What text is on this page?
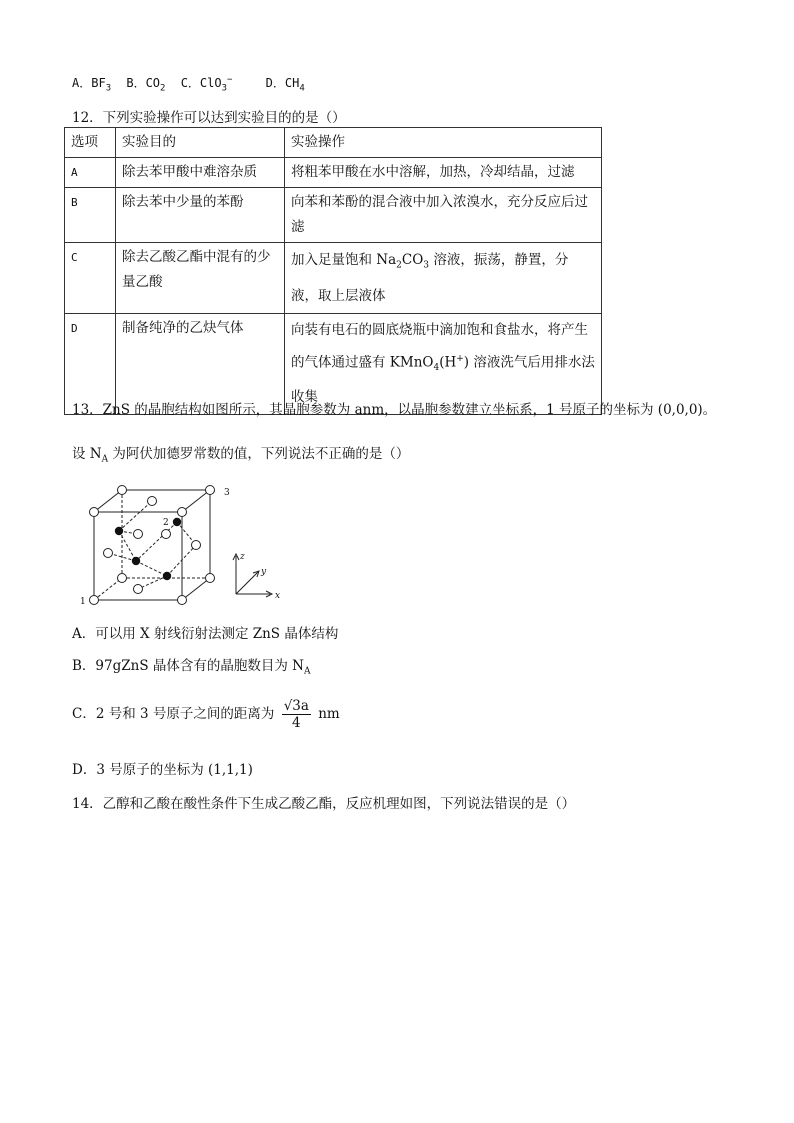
A．$BF_3$ B．$CO_2$ C．ClO$_3$−	D．$CH_4$
12．下列实验操作可以达到实验目的的是（）
选项	实验目的	实验操作
A	除去苯甲酸中难溶杂质	将粗苯甲酸在水中溶解，加热，冷却结晶，过滤
B	除去苯中少量的苯酚	向苯和苯酚的混合液中加入浓溴水，充分反应后过滤
C	除去乙酸乙酯中混有的少量乙酸	加入足量饱和 $Na_2CO_3$ 溶液，振荡，静置，分液，取上层液体
D	制备纯净的乙炔气体	向装有电石的圆底烧瓶中滴加饱和食盐水，将产生的气体通过盛有 KMnO$_4$(H+) 溶液洗气后用排水法收集
13．ZnS 的晶胞结构如图所示，其晶胞参数为 anm，以晶胞参数建立坐标系，1 号原子的坐标为 (0,0,0)。
设 $N_A$ 为阿伏加德罗常数的值，下列说法不正确的是（）
1
2
3
z
y
x
A．可以用 X 射线衍射法测定 ZnS 晶体结构
B．97gZnS 晶体含有的晶胞数目为 $N_A$
C．2 号和 3 号原子之间的距离为 $\frac{√3a}{4}$ nm
D．3 号原子的坐标为 (1,1,1)
14．乙醇和乙酸在酸性条件下生成乙酸乙酯，反应机理如图，下列说法错误的是（）
